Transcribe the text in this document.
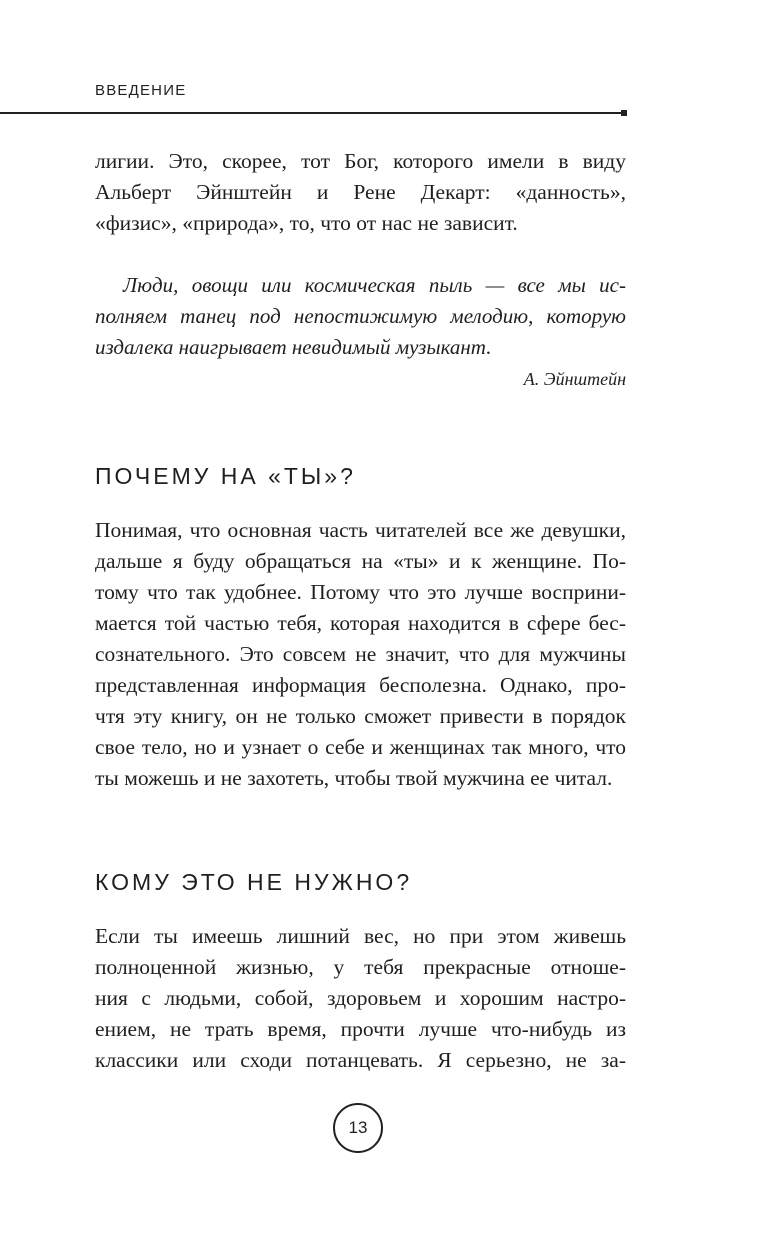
ВВЕДЕНИЕ

лигии. Это, скорее, тот Бог, которого имели в виду
Альберт Эйнштейн и Рене Декарт: «данность»,
«физис», «природа», то, что от нас не зависит.

Люди, овощи или космическая пыль — все мы ис-
полняем танец под непостижимую мелодию, которую
издалека наигрывает невидимый музыкант.

А. Эйнштейн
ПОЧЕМУ НА «ТЫ»?

Понимая, что основная часть читателей все же девушки,
дальше я буду обращаться на «ты» и к женщине. По-
тому что так удобнее. Потому что это лучше восприни-
мается той частью тебя, которая находится в сфере бес-
сознательного. Это совсем не значит, что для мужчины
представленная информация бесполезна. Однако, про-
чтя эту книгу, он не только сможет привести в порядок
свое тело, но и узнает о себе и женщинах так много, что
ты можешь и не захотеть, чтобы твой мужчина ее читал.

КОМУ ЭТО НЕ НУЖНО?

Если ты имеешь лишний вес, но при этом живешь
полноценной жизнью, у тебя прекрасные отноше-
ния с людьми, собой, здоровьем и хорошим настро-
ением, не трать время, прочти лучше что-нибудь из
классики или сходи потанцевать. Я серьезно, не за-

13
